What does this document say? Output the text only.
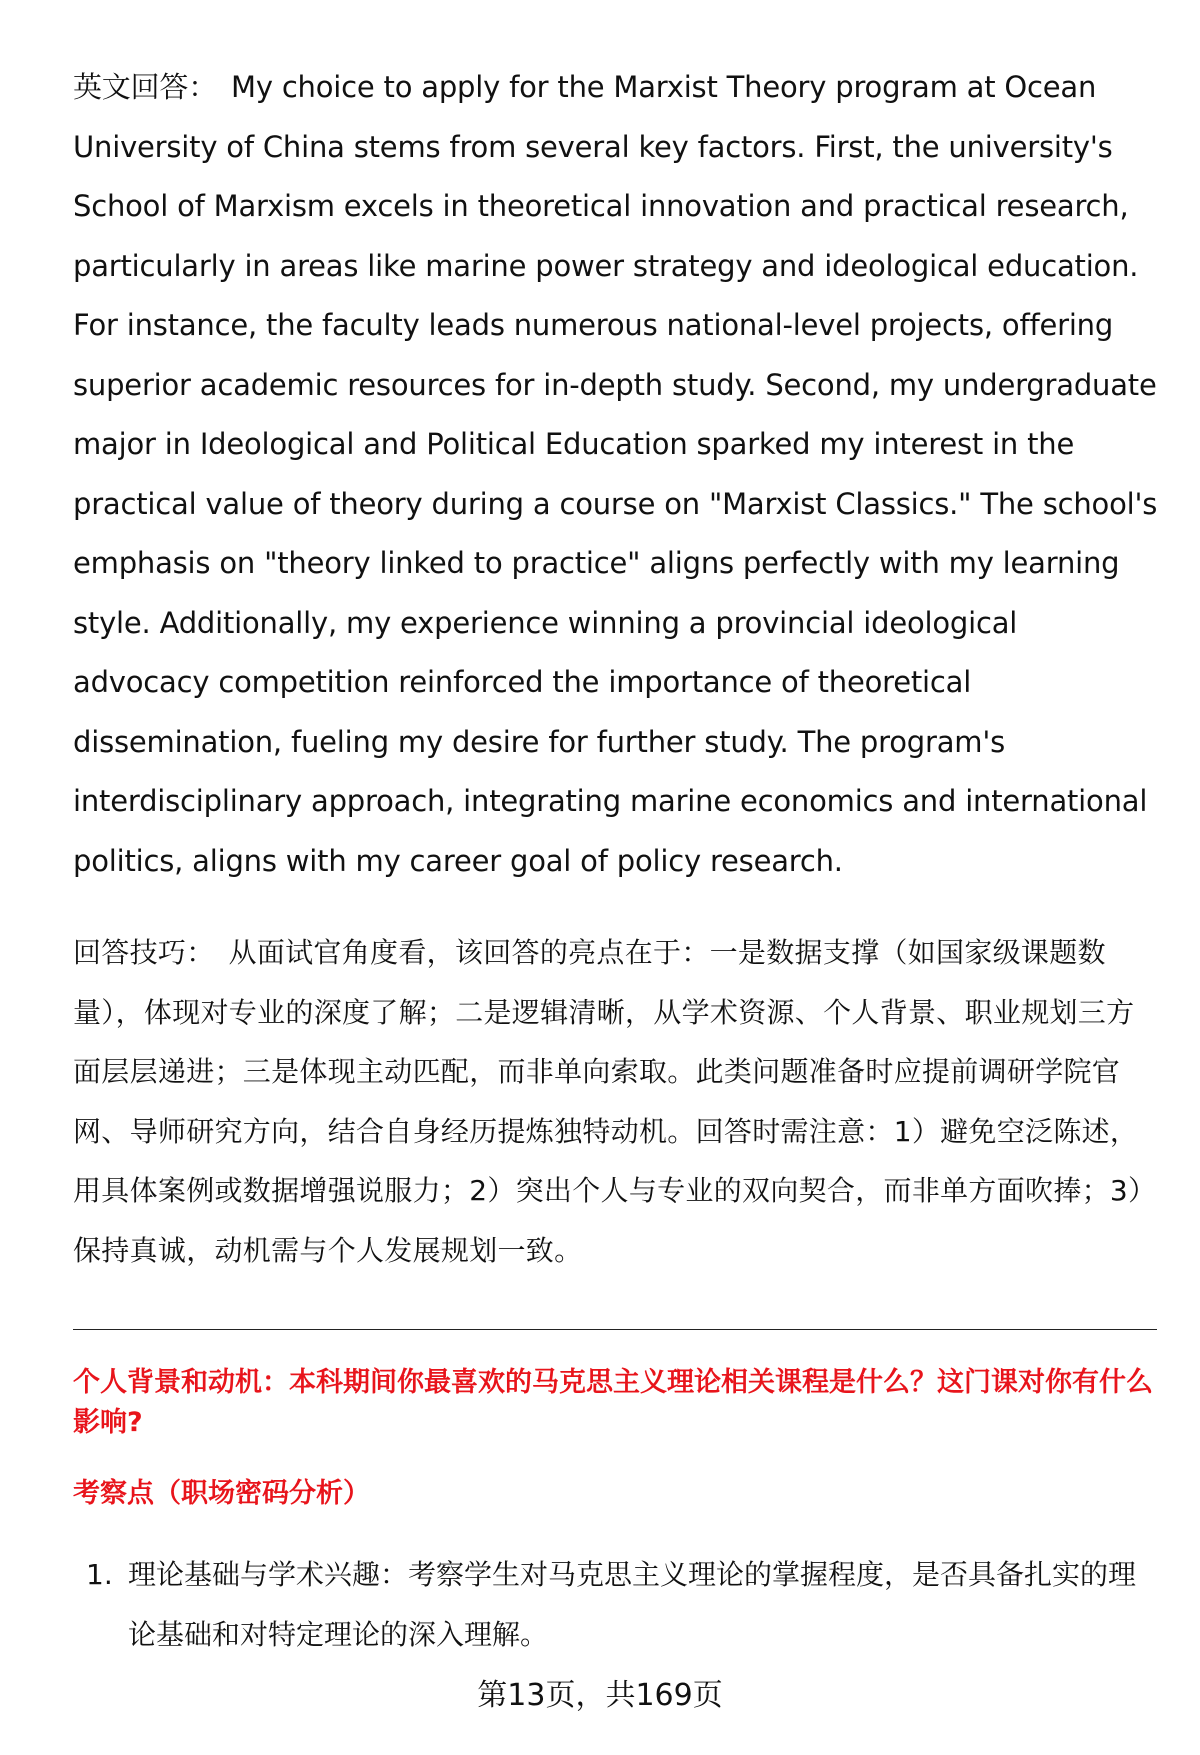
英文回答： My choice to apply for the Marxist Theory program at Ocean University of China stems from several key factors. First, the university's School of Marxism excels in theoretical innovation and practical research, particularly in areas like marine power strategy and ideological education. For instance, the faculty leads numerous national-level projects, offering superior academic resources for in-depth study. Second, my undergraduate major in Ideological and Political Education sparked my interest in the practical value of theory during a course on "Marxist Classics." The school's emphasis on "theory linked to practice" aligns perfectly with my learning style. Additionally, my experience winning a provincial ideological advocacy competition reinforced the importance of theoretical dissemination, fueling my desire for further study. The program's interdisciplinary approach, integrating marine economics and international politics, aligns with my career goal of policy research.
回答技巧： 从面试官角度看，该回答的亮点在于：一是数据支撑（如国家级课题数量），体现对专业的深度了解；二是逻辑清晰，从学术资源、个人背景、职业规划三方面层层递进；三是体现主动匹配，而非单向索取。此类问题准备时应提前调研学院官网、导师研究方向，结合自身经历提炼独特动机。回答时需注意：1）避免空泛陈述，用具体案例或数据增强说服力；2）突出个人与专业的双向契合，而非单方面吹捧；3）保持真诚，动机需与个人发展规划一致。
个人背景和动机：本科期间你最喜欢的马克思主义理论相关课程是什么？这门课对你有什么影响?
考察点（职场密码分析）
1. 理论基础与学术兴趣：考察学生对马克思主义理论的掌握程度，是否具备扎实的理论基础和对特定理论的深入理解。
第13页，共169页
